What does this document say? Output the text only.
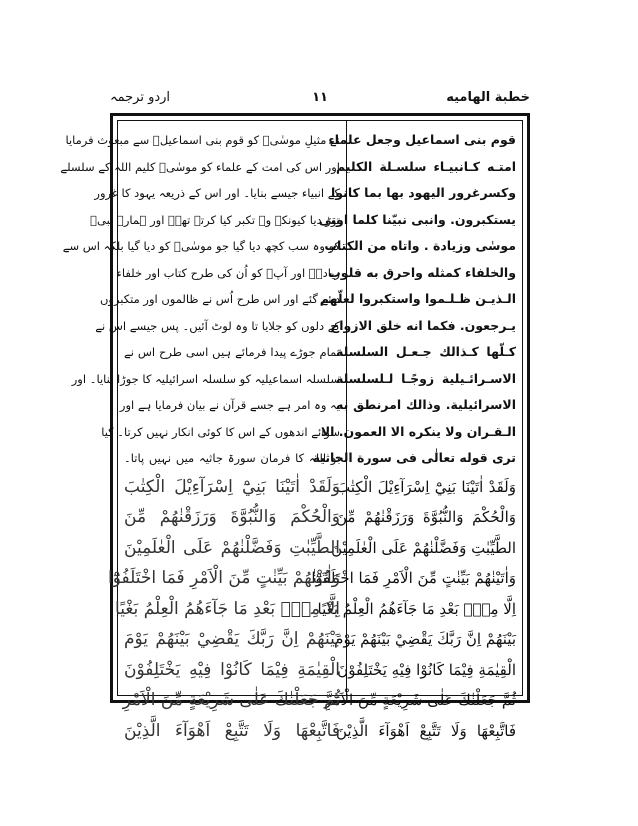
خطبة الهاميه
١١
اردو ترجمہ
قوم بنی اسماعیل وجعل علماء
امتـه كـانبيـاء سلسـلة الكليم
وكسرغرور اليهود بها بما كانوا
يستكبرون. وانبی نبيّنا كلما اوتی
موسٰى وزيادة . واتاه من الكتاب
والخلفاء كمثله واحرق به قلوب
الـذيـن ظـلـموا واستكبروا لعلّهم
يـرجعون. فكما انه خلق الازواج
كـلّها كـذالك جـعـل السلسلة
الاسـرائـيلية زوجًـا لـلسلسلة
الاسرائيلية. وذالك امرنطق به
الـقـران ولا ينكره الا العمون. الا
ترى قوله تعالٰى فی سورة الجاثية
وَلَقَدْ اٰتَيْنَا بَنِيْٓ اِسْرَآءِيْلَ الْكِتٰبَ
وَالْحُكْمَ وَالنُّبُوَّةَ وَرَزَقْنٰهُمْ مِّنَ
الطَّيِّبٰتِ وَفَضَّلْنٰهُمْ عَلَى الْعٰلَمِيْنَ .
وَاٰتَيْنٰهُمْ بَيِّنٰتٍ مِّنَ الْاَمْرِ فَمَا اخْتَلَفُوْٓا
اِلَّا مِنْۢ بَعْدِ مَا جَآءَهُمُ الْعِلْمُ بَغْيًا
بَيْنَهُمْ اِنَّ رَبَّكَ يَقْضِيْ بَيْنَهُمْ يَوْمَ
الْقِيٰمَةِ فِيْمَا كَانُوْا فِيْهِ يَخْتَلِفُوْنَ .
ثُمَّ جَعَلْنٰكَ عَلٰى شَرِيْعَةٍ مِّنَ الْاَمْرِ
فَاتَّبِعْهَا وَلَا تَتَّبِعْ اَهْوَآءَ الَّذِيْنَ
نے مثیلِ موسٰیؑ کو قوم بنی اسماعیلؑ سے مبعوث فرمایا
اور اس کی امت کے علماء کو موسٰیؑ کلیم اللہ کے سلسلے
کے انبیاء جیسے بنایا۔ اور اس کے ذریعہ یہود کا غرور
توڑ دیا کیونکہ وہ تکبر کیا کرتے تھے۔ اور ہمارے نبیؐ
کو وہ سب کچھ دیا گیا جو موسٰیؑ کو دیا گیا بلکہ اس سے
زیادہ۔ اور آپؐ کو اُن کی طرح کتاب اور خلفاء
دیئے گئے اور اس طرح اُس نے ظالموں اور متکبروں
کے دلوں کو جلایا تا وہ لوٹ آئیں۔ پس جیسے اس نے
تمام جوڑے پیدا فرمائے ہیں اسی طرح اس نے
سلسلہ اسماعیلیہ کو سلسلہ اسرائیلیہ کا جوڑا بنایا۔ اور
یہ وہ امر ہے جسے قرآن نے بیان فرمایا ہے اور
سوائے اندھوں کے اس کا کوئی انکار نہیں کرتا۔ کیا
تو اللہ کا فرمان سورۃ جاثیہ میں نہیں پاتا۔
وَلَقَدْ اٰتَيْنَا بَنِيْٓ اِسْرَآءِيْلَ الْكِتٰبَ
وَالْحُكْمَ وَالنُّبُوَّةَ وَرَزَقْنٰهُمْ مِّنَ
الطَّيِّبٰتِ وَفَضَّلْنٰهُمْ عَلَى الْعٰلَمِيْنَ
وَاٰتَيْنٰهُمْ بَيِّنٰتٍ مِّنَ الْاَمْرِ فَمَا اخْتَلَفُوْٓا
اِلَّا مِنْۢ بَعْدِ مَا جَآءَهُمُ الْعِلْمُ بَغْيًا
بَيْنَهُمْ اِنَّ رَبَّكَ يَقْضِيْ بَيْنَهُمْ يَوْمَ
الْقِيٰمَةِ فِيْمَا كَانُوْا فِيْهِ يَخْتَلِفُوْنَ
ثُمَّ جَعَلْنٰكَ عَلٰى شَرِيْعَةٍ مِّنَ الْاَمْرِ
فَاتَّبِعْهَا وَلَا تَتَّبِعْ اَهْوَآءَ الَّذِيْنَ
